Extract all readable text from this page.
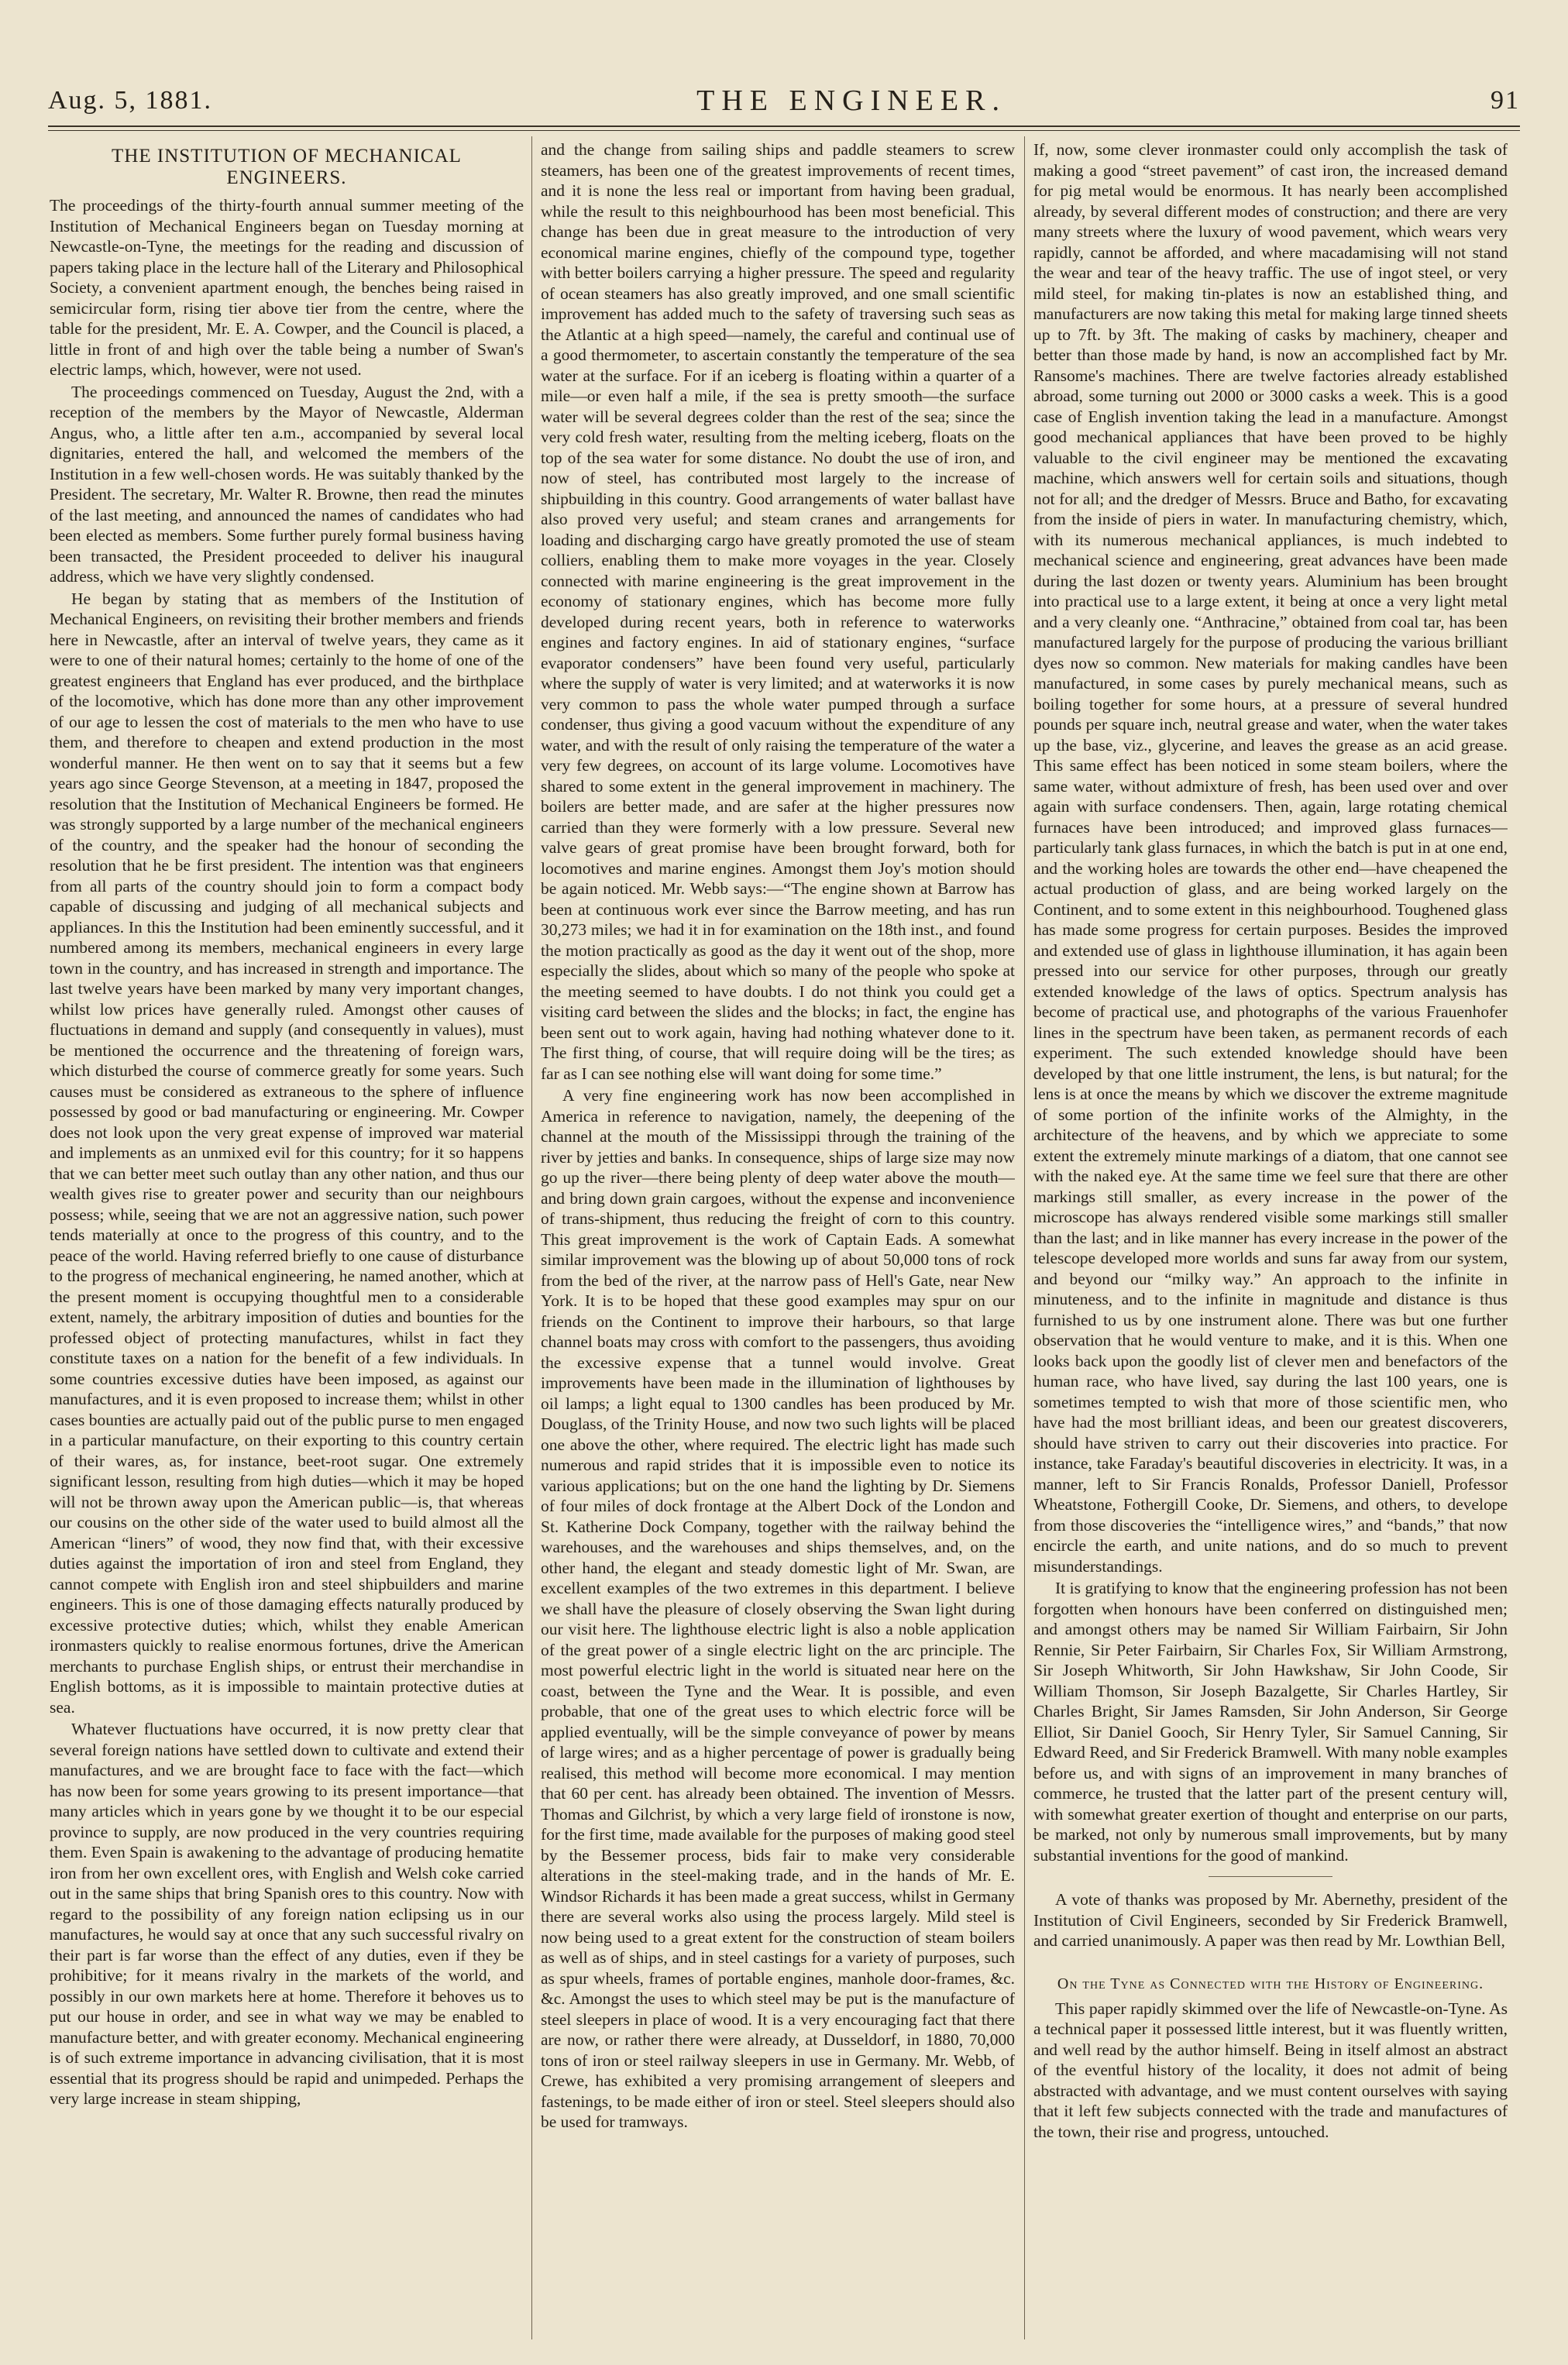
Aug. 5, 1881.	THE ENGINEER.	91
THE INSTITUTION OF MECHANICAL ENGINEERS.

The proceedings of the thirty-fourth annual summer meeting of the Institution of Mechanical Engineers began on Tuesday morning at Newcastle-on-Tyne, the meetings for the reading and discussion of papers taking place in the lecture hall of the Literary and Philosophical Society, a convenient apartment enough, the benches being raised in semicircular form, rising tier above tier from the centre, where the table for the president, Mr. E. A. Cowper, and the Council is placed, a little in front of and high over the table being a number of Swan's electric lamps, which, however, were not used.

The proceedings commenced on Tuesday, August the 2nd, with a reception of the members by the Mayor of Newcastle, Alderman Angus, who, a little after ten a.m., accompanied by several local dignitaries, entered the hall, and welcomed the members of the Institution in a few well-chosen words. He was suitably thanked by the President. The secretary, Mr. Walter R. Browne, then read the minutes of the last meeting, and announced the names of candidates who had been elected as members. Some further purely formal business having been transacted, the President proceeded to deliver his inaugural address, which we have very slightly condensed.

He began by stating that as members of the Institution of Mechanical Engineers, on revisiting their brother members and friends here in Newcastle, after an interval of twelve years, they came as it were to one of their natural homes; certainly to the home of one of the greatest engineers that England has ever produced, and the birthplace of the locomotive, which has done more than any other improvement of our age to lessen the cost of materials to the men who have to use them, and therefore to cheapen and extend production in the most wonderful manner. He then went on to say that it seems but a few years ago since George Stevenson, at a meeting in 1847, proposed the resolution that the Institution of Mechanical Engineers be formed. He was strongly supported by a large number of the mechanical engineers of the country, and the speaker had the honour of seconding the resolution that he be first president. The intention was that engineers from all parts of the country should join to form a compact body capable of discussing and judging of all mechanical subjects and appliances. In this the Institution had been eminently successful, and it numbered among its members, mechanical engineers in every large town in the country, and has increased in strength and importance. The last twelve years have been marked by many very important changes, whilst low prices have generally ruled. Amongst other causes of fluctuations in demand and supply (and consequently in values), must be mentioned the occurrence and the threatening of foreign wars, which disturbed the course of commerce greatly for some years. Such causes must be considered as extraneous to the sphere of influence possessed by good or bad manufacturing or engineering. Mr. Cowper does not look upon the very great expense of improved war material and implements as an unmixed evil for this country; for it so happens that we can better meet such outlay than any other nation, and thus our wealth gives rise to greater power and security than our neighbours possess; while, seeing that we are not an aggressive nation, such power tends materially at once to the progress of this country, and to the peace of the world. Having referred briefly to one cause of disturbance to the progress of mechanical engineering, he named another, which at the present moment is occupying thoughtful men to a considerable extent, namely, the arbitrary imposition of duties and bounties for the professed object of protecting manufactures, whilst in fact they constitute taxes on a nation for the benefit of a few individuals. In some countries excessive duties have been imposed, as against our manufactures, and it is even proposed to increase them; whilst in other cases bounties are actually paid out of the public purse to men engaged in a particular manufacture, on their exporting to this country certain of their wares, as, for instance, beet-root sugar. One extremely significant lesson, resulting from high duties—which it may be hoped will not be thrown away upon the American public—is, that whereas our cousins on the other side of the water used to build almost all the American “liners” of wood, they now find that, with their excessive duties against the importation of iron and steel from England, they cannot compete with English iron and steel shipbuilders and marine engineers. This is one of those damaging effects naturally produced by excessive protective duties; which, whilst they enable American ironmasters quickly to realise enormous fortunes, drive the American merchants to purchase English ships, or entrust their merchandise in English bottoms, as it is impossible to maintain protective duties at sea.

Whatever fluctuations have occurred, it is now pretty clear that several foreign nations have settled down to cultivate and extend their manufactures, and we are brought face to face with the fact—which has now been for some years growing to its present importance—that many articles which in years gone by we thought it to be our especial province to supply, are now produced in the very countries requiring them. Even Spain is awakening to the advantage of producing hematite iron from her own excellent ores, with English and Welsh coke carried out in the same ships that bring Spanish ores to this country. Now with regard to the possibility of any foreign nation eclipsing us in our manufactures, he would say at once that any such successful rivalry on their part is far worse than the effect of any duties, even if they be prohibitive; for it means rivalry in the markets of the world, and possibly in our own markets here at home. Therefore it behoves us to put our house in order, and see in what way we may be enabled to manufacture better, and with greater economy. Mechanical engineering is of such extreme importance in advancing civilisation, that it is most essential that its progress should be rapid and unimpeded. Perhaps the very large increase in steam shipping,

and the change from sailing ships and paddle steamers to screw steamers, has been one of the greatest improvements of recent times, and it is none the less real or important from having been gradual, while the result to this neighbourhood has been most beneficial. This change has been due in great measure to the introduction of very economical marine engines, chiefly of the compound type, together with better boilers carrying a higher pressure. The speed and regularity of ocean steamers has also greatly improved, and one small scientific improvement has added much to the safety of traversing such seas as the Atlantic at a high speed—namely, the careful and continual use of a good thermometer, to ascertain constantly the temperature of the sea water at the surface. For if an iceberg is floating within a quarter of a mile—or even half a mile, if the sea is pretty smooth—the surface water will be several degrees colder than the rest of the sea; since the very cold fresh water, resulting from the melting iceberg, floats on the top of the sea water for some distance. No doubt the use of iron, and now of steel, has contributed most largely to the increase of shipbuilding in this country. Good arrangements of water ballast have also proved very useful; and steam cranes and arrangements for loading and discharging cargo have greatly promoted the use of steam colliers, enabling them to make more voyages in the year. Closely connected with marine engineering is the great improvement in the economy of stationary engines, which has become more fully developed during recent years, both in reference to waterworks engines and factory engines. In aid of stationary engines, “surface evaporator condensers” have been found very useful, particularly where the supply of water is very limited; and at waterworks it is now very common to pass the whole water pumped through a surface condenser, thus giving a good vacuum without the expenditure of any water, and with the result of only raising the temperature of the water a very few degrees, on account of its large volume. Locomotives have shared to some extent in the general improvement in machinery. The boilers are better made, and are safer at the higher pressures now carried than they were formerly with a low pressure. Several new valve gears of great promise have been brought forward, both for locomotives and marine engines. Amongst them Joy's motion should be again noticed. Mr. Webb says:—“The engine shown at Barrow has been at continuous work ever since the Barrow meeting, and has run 30,273 miles; we had it in for examination on the 18th inst., and found the motion practically as good as the day it went out of the shop, more especially the slides, about which so many of the people who spoke at the meeting seemed to have doubts. I do not think you could get a visiting card between the slides and the blocks; in fact, the engine has been sent out to work again, having had nothing whatever done to it. The first thing, of course, that will require doing will be the tires; as far as I can see nothing else will want doing for some time.”

A very fine engineering work has now been accomplished in America in reference to navigation, namely, the deepening of the channel at the mouth of the Mississippi through the training of the river by jetties and banks. In consequence, ships of large size may now go up the river—there being plenty of deep water above the mouth—and bring down grain cargoes, without the expense and inconvenience of trans-shipment, thus reducing the freight of corn to this country. This great improvement is the work of Captain Eads. A somewhat similar improvement was the blowing up of about 50,000 tons of rock from the bed of the river, at the narrow pass of Hell's Gate, near New York. It is to be hoped that these good examples may spur on our friends on the Continent to improve their harbours, so that large channel boats may cross with comfort to the passengers, thus avoiding the excessive expense that a tunnel would involve. Great improvements have been made in the illumination of lighthouses by oil lamps; a light equal to 1300 candles has been produced by Mr. Douglass, of the Trinity House, and now two such lights will be placed one above the other, where required. The electric light has made such numerous and rapid strides that it is impossible even to notice its various applications; but on the one hand the lighting by Dr. Siemens of four miles of dock frontage at the Albert Dock of the London and St. Katherine Dock Company, together with the railway behind the warehouses, and the warehouses and ships themselves, and, on the other hand, the elegant and steady domestic light of Mr. Swan, are excellent examples of the two extremes in this department. I believe we shall have the pleasure of closely observing the Swan light during our visit here. The lighthouse electric light is also a noble application of the great power of a single electric light on the arc principle. The most powerful electric light in the world is situated near here on the coast, between the Tyne and the Wear. It is possible, and even probable, that one of the great uses to which electric force will be applied eventually, will be the simple conveyance of power by means of large wires; and as a higher percentage of power is gradually being realised, this method will become more economical. I may mention that 60 per cent. has already been obtained. The invention of Messrs. Thomas and Gilchrist, by which a very large field of ironstone is now, for the first time, made available for the purposes of making good steel by the Bessemer process, bids fair to make very considerable alterations in the steel-making trade, and in the hands of Mr. E. Windsor Richards it has been made a great success, whilst in Germany there are several works also using the process largely. Mild steel is now being used to a great extent for the construction of steam boilers as well as of ships, and in steel castings for a variety of purposes, such as spur wheels, frames of portable engines, manhole door-frames, &c. &c. Amongst the uses to which steel may be put is the manufacture of steel sleepers in place of wood. It is a very encouraging fact that there are now, or rather there were already, at Dusseldorf, in 1880, 70,000 tons of iron or steel railway sleepers in use in Germany. Mr. Webb, of Crewe, has exhibited a very promising arrangement of sleepers and fastenings, to be made either of iron or steel. Steel sleepers should also be used for tramways.

If, now, some clever ironmaster could only accomplish the task of making a good “street pavement” of cast iron, the increased demand for pig metal would be enormous. It has nearly been accomplished already, by several different modes of construction; and there are very many streets where the luxury of wood pavement, which wears very rapidly, cannot be afforded, and where macadamising will not stand the wear and tear of the heavy traffic. The use of ingot steel, or very mild steel, for making tin-plates is now an established thing, and manufacturers are now taking this metal for making large tinned sheets up to 7ft. by 3ft. The making of casks by machinery, cheaper and better than those made by hand, is now an accomplished fact by Mr. Ransome's machines. There are twelve factories already established abroad, some turning out 2000 or 3000 casks a week. This is a good case of English invention taking the lead in a manufacture. Amongst good mechanical appliances that have been proved to be highly valuable to the civil engineer may be mentioned the excavating machine, which answers well for certain soils and situations, though not for all; and the dredger of Messrs. Bruce and Batho, for excavating from the inside of piers in water. In manufacturing chemistry, which, with its numerous mechanical appliances, is much indebted to mechanical science and engineering, great advances have been made during the last dozen or twenty years. Aluminium has been brought into practical use to a large extent, it being at once a very light metal and a very cleanly one. “Anthracine,” obtained from coal tar, has been manufactured largely for the purpose of producing the various brilliant dyes now so common. New materials for making candles have been manufactured, in some cases by purely mechanical means, such as boiling together for some hours, at a pressure of several hundred pounds per square inch, neutral grease and water, when the water takes up the base, viz., glycerine, and leaves the grease as an acid grease. This same effect has been noticed in some steam boilers, where the same water, without admixture of fresh, has been used over and over again with surface condensers. Then, again, large rotating chemical furnaces have been introduced; and improved glass furnaces—particularly tank glass furnaces, in which the batch is put in at one end, and the working holes are towards the other end—have cheapened the actual production of glass, and are being worked largely on the Continent, and to some extent in this neighbourhood. Toughened glass has made some progress for certain purposes. Besides the improved and extended use of glass in lighthouse illumination, it has again been pressed into our service for other purposes, through our greatly extended knowledge of the laws of optics. Spectrum analysis has become of practical use, and photographs of the various Frauenhofer lines in the spectrum have been taken, as permanent records of each experiment. The such extended knowledge should have been developed by that one little instrument, the lens, is but natural; for the lens is at once the means by which we discover the extreme magnitude of some portion of the infinite works of the Almighty, in the architecture of the heavens, and by which we appreciate to some extent the extremely minute markings of a diatom, that one cannot see with the naked eye. At the same time we feel sure that there are other markings still smaller, as every increase in the power of the microscope has always rendered visible some markings still smaller than the last; and in like manner has every increase in the power of the telescope developed more worlds and suns far away from our system, and beyond our “milky way.” An approach to the infinite in minuteness, and to the infinite in magnitude and distance is thus furnished to us by one instrument alone. There was but one further observation that he would venture to make, and it is this. When one looks back upon the goodly list of clever men and benefactors of the human race, who have lived, say during the last 100 years, one is sometimes tempted to wish that more of those scientific men, who have had the most brilliant ideas, and been our greatest discoverers, should have striven to carry out their discoveries into practice. For instance, take Faraday's beautiful discoveries in electricity. It was, in a manner, left to Sir Francis Ronalds, Professor Daniell, Professor Wheatstone, Fothergill Cooke, Dr. Siemens, and others, to develope from those discoveries the “intelligence wires,” and “bands,” that now encircle the earth, and unite nations, and do so much to prevent misunderstandings.

It is gratifying to know that the engineering profession has not been forgotten when honours have been conferred on distinguished men; and amongst others may be named Sir William Fairbairn, Sir John Rennie, Sir Peter Fairbairn, Sir Charles Fox, Sir William Armstrong, Sir Joseph Whitworth, Sir John Hawkshaw, Sir John Coode, Sir William Thomson, Sir Joseph Bazalgette, Sir Charles Hartley, Sir Charles Bright, Sir James Ramsden, Sir John Anderson, Sir George Elliot, Sir Daniel Gooch, Sir Henry Tyler, Sir Samuel Canning, Sir Edward Reed, and Sir Frederick Bramwell. With many noble examples before us, and with signs of an improvement in many branches of commerce, he trusted that the latter part of the present century will, with somewhat greater exertion of thought and enterprise on our parts, be marked, not only by numerous small improvements, but by many substantial inventions for the good of mankind.

A vote of thanks was proposed by Mr. Abernethy, president of the Institution of Civil Engineers, seconded by Sir Frederick Bramwell, and carried unanimously. A paper was then read by Mr. Lowthian Bell,

On the Tyne as Connected with the History of Engineering.

This paper rapidly skimmed over the life of Newcastle-on-Tyne. As a technical paper it possessed little interest, but it was fluently written, and well read by the author himself. Being in itself almost an abstract of the eventful history of the locality, it does not admit of being abstracted with advantage, and we must content ourselves with saying that it left few subjects connected with the trade and manufactures of the town, their rise and progress, untouched.
